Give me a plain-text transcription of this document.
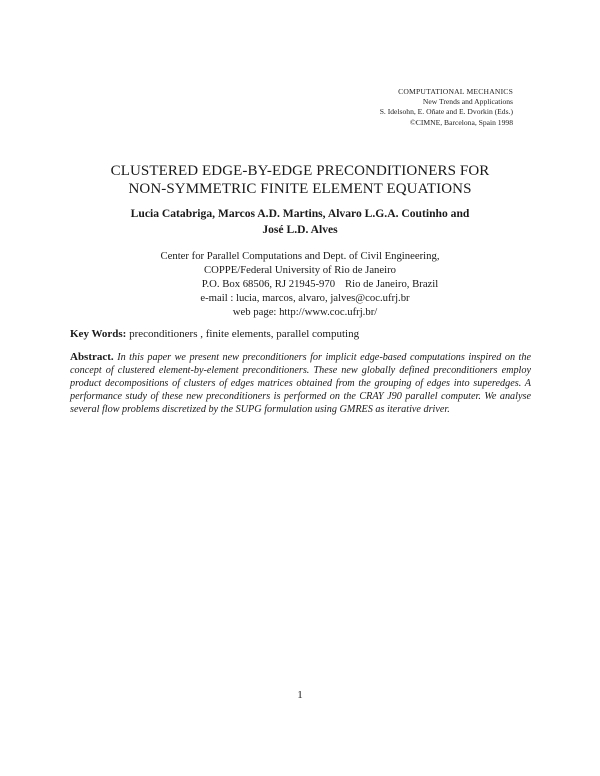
COMPUTATIONAL MECHANICS
New Trends and Applications
S. Idelsohn, E. Oñate and E. Dvorkin (Eds.)
©CIMNE, Barcelona, Spain 1998
CLUSTERED EDGE-BY-EDGE PRECONDITIONERS FOR
NON-SYMMETRIC FINITE ELEMENT EQUATIONS
Lucia Catabriga, Marcos A.D. Martins, Alvaro L.G.A. Coutinho and
José L.D. Alves
Center for Parallel Computations and Dept. of Civil Engineering,
COPPE/Federal University of Rio de Janeiro
P.O. Box 68506, RJ 21945-970 Rio de Janeiro, Brazil
e-mail : lucia, marcos, alvaro, jalves@coc.ufrj.br
web page: http://www.coc.ufrj.br/
Key Words: preconditioners , finite elements, parallel computing
Abstract. In this paper we present new preconditioners for implicit edge-based computations inspired on the concept of clustered element-by-element preconditioners. These new globally defined preconditioners employ product decompositions of clusters of edges matrices obtained from the grouping of edges into superedges. A performance study of these new preconditioners is performed on the CRAY J90 parallel computer. We analyse several flow problems discretized by the SUPG formulation using GMRES as iterative driver.
1
